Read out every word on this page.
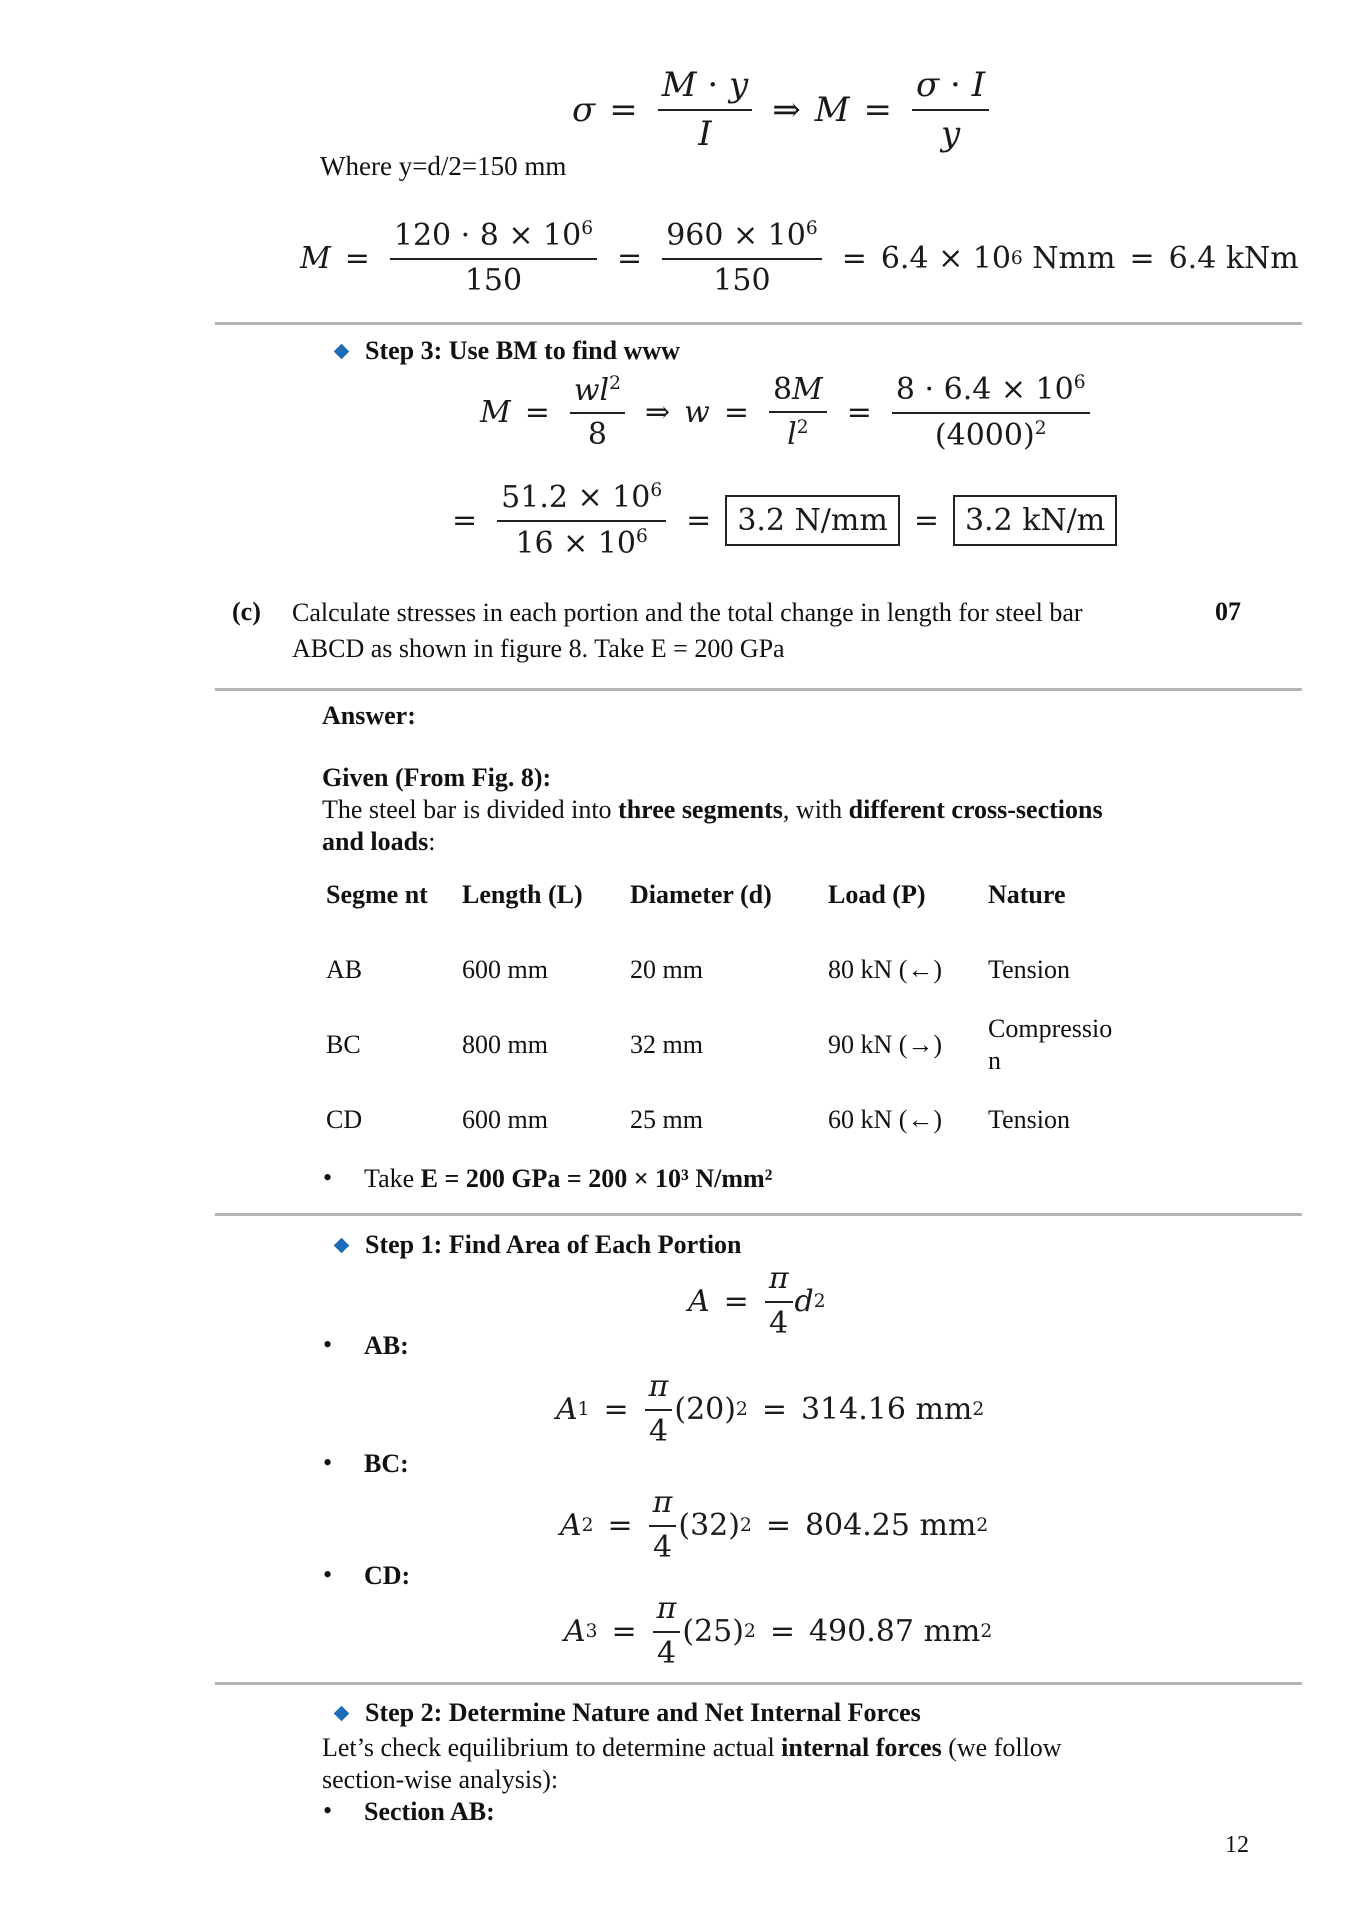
$\sigma = \frac{M \cdot y}{I}$ ⇒ $M = \frac{\sigma \cdot I}{y}$
Where y=d/2=150 mm
$M = \frac{120 \cdot 8 \times 10^6}{150} = \frac{960 \times 10^6}{150} = 6.4 \times 10$ 6 Nmm = 6.4 kNm
Step 3: Use BM to find www
$M = \frac{wl^2}{8}$ ⇒ $w = \frac{8M}{l^2} = \frac{8 \cdot 6.4 \times 10^6}{(4000)^2}$
= $\frac{51.2 \times 10^6}{16 \times 10^6} = 3.2$ N/mm = 3.2 kN/m
(c) Calculate stresses in each portion and the total change in length for steel bar
ABCD as shown in figure 8. Take E = 200 GPa
07
Answer:
Given (From Fig. 8):
The steel bar is divided into three segments, with different cross-sections
and loads:
Segme nt	Length (L)	Diameter (d)	Load (P)	Nature
AB	600 mm	20 mm	80 kN (←)	Tension
BC	800 mm	32 mm	90 kN (→)	Compressio n
CD	600 mm	25 mm	60 kN (←)	Tension
• Take E = 200 GPa = 200 × 10³ N/mm²
Step 1: Find Area of Each Portion
$A = \frac{\pi}{4}$ d 2
• AB:
A $1 = \frac{\pi}{4} (20) 2 = 314.16$ mm 2
• BC:
A $2 = \frac{\pi}{4} (32) 2 = 804.25$ mm 2
• CD:
A $3 = \frac{\pi}{4} (25) 2 = 490.87$ mm 2
Step 2: Determine Nature and Net Internal Forces
Let’s check equilibrium to determine actual internal forces (we follow
section-wise analysis):
• Section AB:
12
